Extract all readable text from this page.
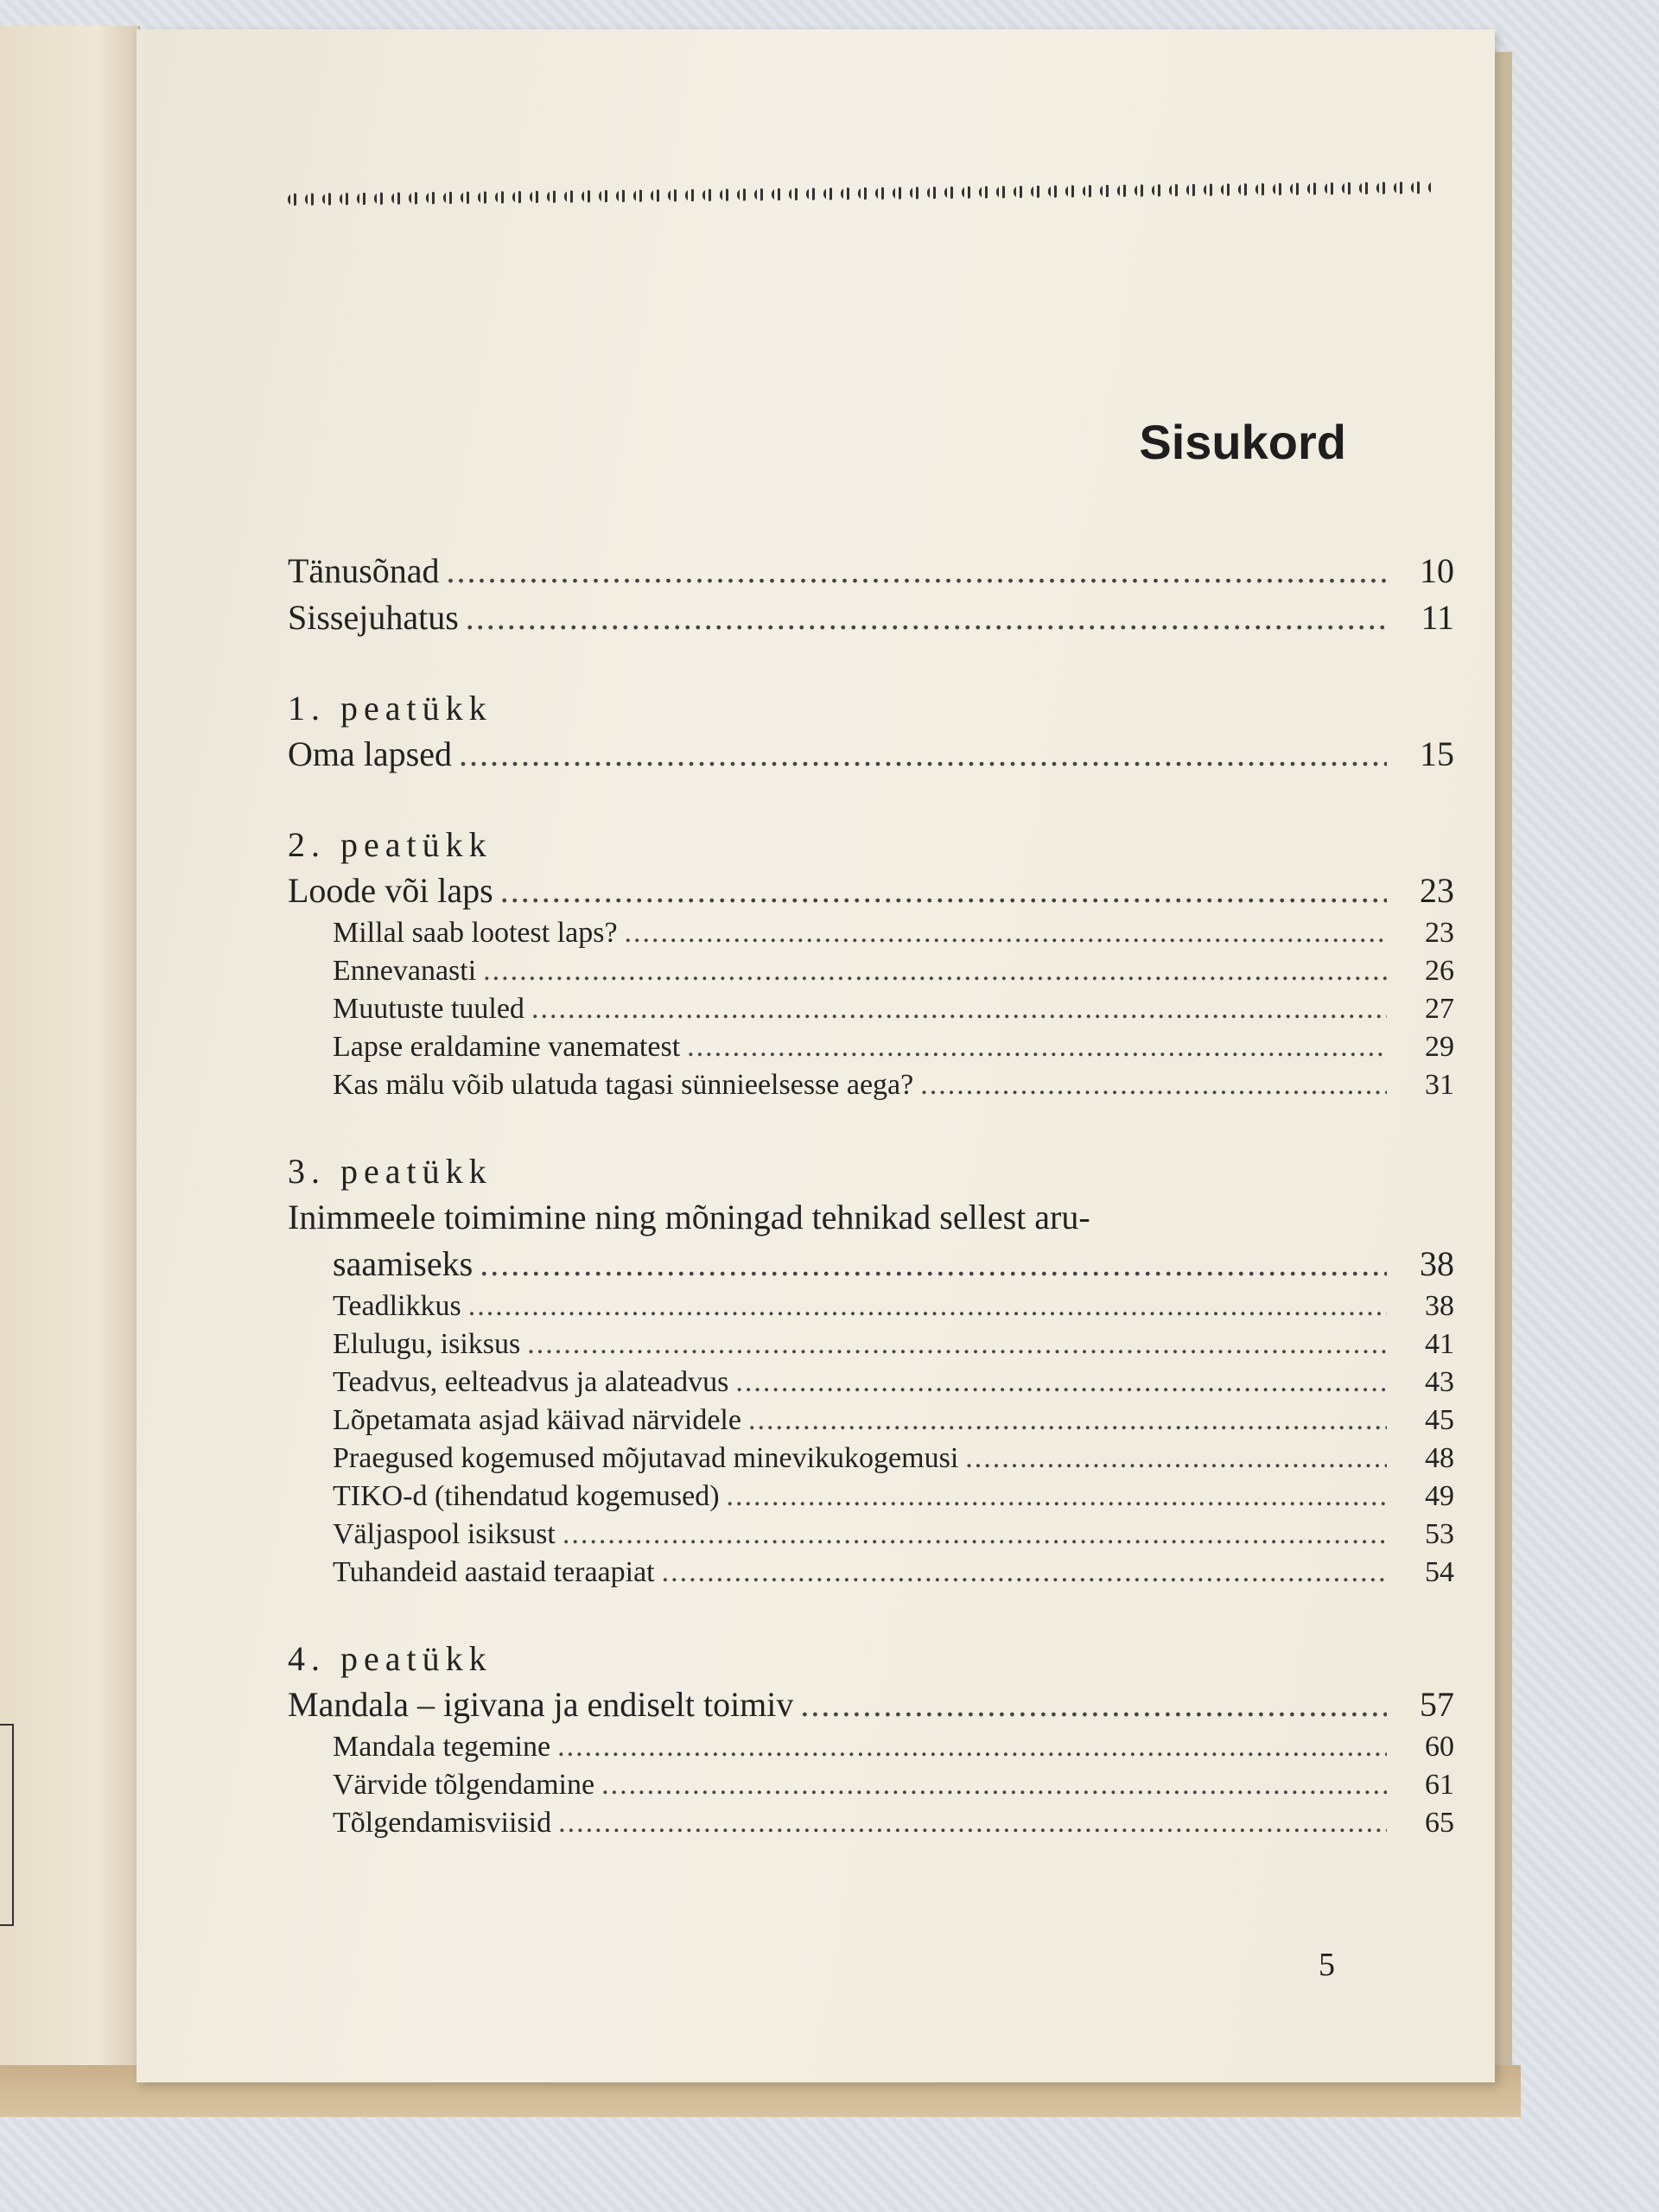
Sisukord
Tänusõnad .....	10
Sissejuhatus .....	11
1. peatükk
Oma lapsed .....	15
2. peatükk
Loode või laps .....	23
Millal saab lootest laps? .....	23
Ennevanasti .....	26
Muutuste tuuled .....	27
Lapse eraldamine vanematest .....	29
Kas mälu võib ulatuda tagasi sünnieelsesse aega? .....	31
3. peatükk
Inimmeele toimimine ning mõningad tehnikad sellest aru-
saamiseks .....	38
Teadlikkus .....	38
Elulugu, isiksus .....	41
Teadvus, eelteadvus ja alateadvus .....	43
Lõpetamata asjad käivad närvidele .....	45
Praegused kogemused mõjutavad minevikukogemusi .....	48
TIKO-d (tihendatud kogemused) .....	49
Väljaspool isiksust .....	53
Tuhandeid aastaid teraapiat .....	54
4. peatükk
Mandala – igivana ja endiselt toimiv .....	57
Mandala tegemine .....	60
Värvide tõlgendamine .....	61
Tõlgendamisviisid .....	65
5
